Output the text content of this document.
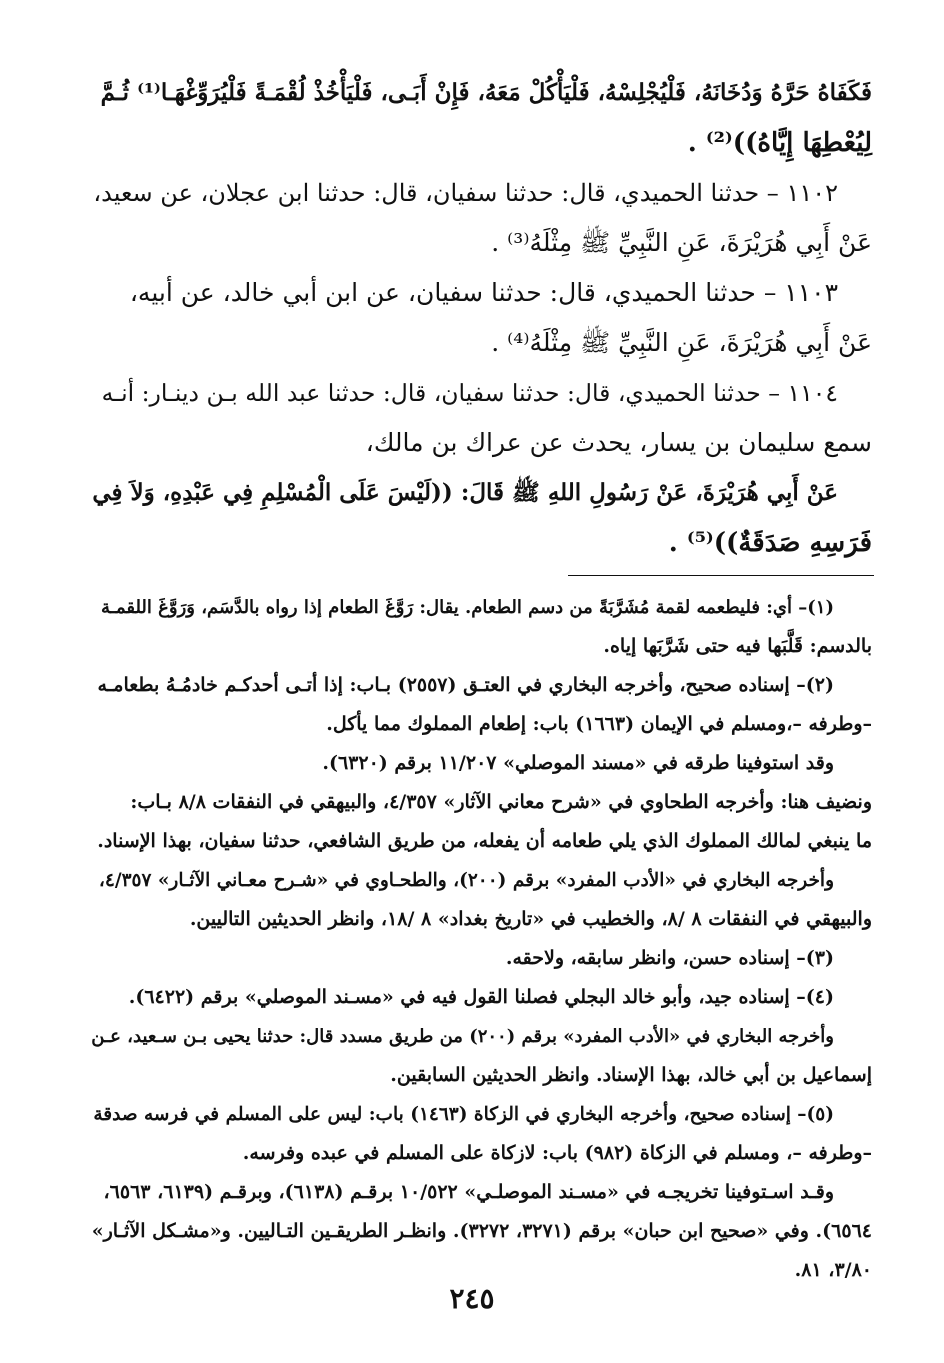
فَكَفَاهُ حَرَّهُ وَدُخَانَهُ، فَلْيُجْلِسْهُ، فَلْيَأْكُلْ مَعَهُ، فَإِنْ أَبَـى، فَلْيَأْخُذْ لُقْمَـةً فَلْيُرَوِّغْهَـا⁽¹⁾ ثُـمَّ
لِيُعْطِهَا إِيَّاهُ))⁽²⁾ .
١١٠٢ – حدثنا الحميدي، قال: حدثنا سفيان، قال: حدثنا ابن عجلان، عن سعيد،
عَنْ أَبِي هُرَيْرَةَ، عَنِ النَّبِيِّ ﷺ مِثْلَهُ⁽³⁾ .
١١٠٣ – حدثنا الحميدي، قال: حدثنا سفيان، عن ابن أبي خالد، عن أبيه،
عَنْ أَبِي هُرَيْرَةَ، عَنِ النَّبِيِّ ﷺ مِثْلَهُ⁽⁴⁾ .
١١٠٤ – حدثنا الحميدي، قال: حدثنا سفيان، قال: حدثنا عبد الله بـن دينـار: أنـه
سمع سليمان بن يسار، يحدث عن عراك بن مالك،
عَنْ أَبِي هُرَيْرَةَ، عَنْ رَسُولِ اللهِ ﷺ قَالَ: ((لَيْسَ عَلَى الْمُسْلِمِ فِي عَبْدِهِ، وَلاَ فِي
فَرَسِهِ صَدَقَةٌ))⁽⁵⁾ .
(١)– أي: فليطعمه لقمة مُشَرَّبَةً من دسم الطعام. يقال: رَوَّغَ الطعام إذا رواه بالدَّسَم، وَرَوَّغَ اللقمـة
بالدسم: قَلَّبَها فيه حتى شَرَّبَها إياه.
(٢)– إسناده صحيح، وأخرجه البخاري في العتـق (٢٥٥٧) بـاب: إذا أتـى أحدكـم خادمُـهُ بطعامـه
–وطرفه –،ومسلم في الإيمان (١٦٦٣) باب: إطعام المملوك مما يأكل.
وقد استوفينا طرقه في «مسند الموصلي» ١١/٢٠٧ برقم (٦٣٢٠).
ونضيف هنا: وأخرجه الطحاوي في «شرح معاني الآثار» ٤/٣٥٧، والبيهقي في النفقات ٨/٨ بـاب:
ما ينبغي لمالك المملوك الذي يلي طعامه أن يفعله، من طريق الشافعي، حدثنا سفيان، بهذا الإسناد.
وأخرجه البخاري في «الأدب المفرد» برقم (٢٠٠)، والطحـاوي في «شـرح معـاني الآثـار» ٤/٣٥٧،
والبيهقي في النفقات ٨ /٨، والخطيب في «تاريخ بغداد» ٨ /١٨، وانظر الحديثين التاليين.
(٣)– إسناده حسن، وانظر سابقه، ولاحقه.
(٤)– إسناده جيد، وأبو خالد البجلي فصلنا القول فيه في «مسـند الموصلي» برقم (٦٤٢٢).
وأخرجه البخاري في «الأدب المفرد» برقم (٢٠٠) من طريق مسدد قال: حدثنا يحيى بـن سـعيد، عـن
إسماعيل بن أبي خالد، بهذا الإسناد. وانظر الحديثين السابقين.
(٥)– إسناده صحيح، وأخرجه البخاري في الزكاة (١٤٦٣) باب: ليس على المسلم في فرسه صدقة
–وطرفه –، ومسلم في الزكاة (٩٨٢) باب: لازكاة على المسلم في عبده وفرسه.
وقـد اسـتوفينا تخريجـه في «مسـند الموصلـي» ١٠/٥٢٢ برقـم (٦١٣٨)، وبرقـم (٦١٣٩، ٦٥٦٣،
٦٥٦٤). وفي «صحيح ابن حبان» برقم (٣٢٧١، ٣٢٧٢). وانظـر الطريقـين التـاليين. و«مشـكل الآثـار»
٣/٨٠، ٨١.
٢٤٥
